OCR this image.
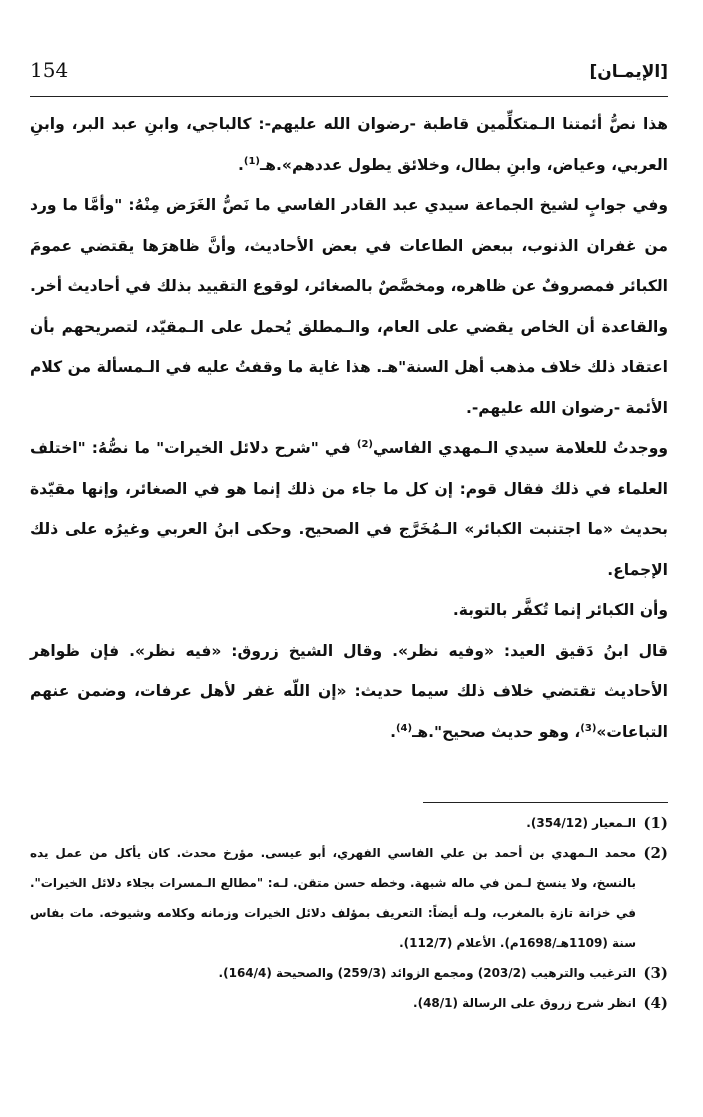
154	[الإيمـان]

هذا نصُّ أئمتنا الـمتكلِّمين قاطبة -رضوان الله عليهم-: كالباجي، وابنِ عبد البر، وابنِ العربي، وعياض، وابنِ بطال، وخلائق يطول عددهم».هـ$^{(1)}$.

وفي جوابٍ لشيخ الجماعة سيدي عبد القادر الفاسي ما نَصُّ الغَرَض مِنْهُ: "وأمَّا ما ورد من غفران الذنوب، ببعض الطاعات في بعض الأحاديث، وأنَّ ظاهرَها يقتضي عمومَ الكبائر فمصروفٌ عن ظاهره، ومخصَّصٌ بالصغائر، لوقوع التقييد بذلك في أحاديث أخر. والقاعدة أن الخاص يقضي على العام، والـمطلق يُحمل على الـمقيّد، لتصريحهم بأن اعتقاد ذلك خلاف مذهب أهل السنة"هـ. هذا غاية ما وقفتُ عليه في الـمسألة من كلام الأئمة -رضوان الله عليهم-.

ووجدتُ للعلامة سيدي الـمهدي الفاسي$^{(2)}$ في "شرح دلائل الخيرات" ما نصُّهُ: "اختلف العلماء في ذلك فقال قوم: إن كل ما جاء من ذلك إنما هو في الصغائر، وإنها مقيّدة بحديث «ما اجتنبت الكبائر» الـمُخَرَّج في الصحيح. وحكى ابنُ العربي وغيرُه على ذلك الإجماع.

وأن الكبائر إنما تُكفَّر بالتوبة.

قال ابنُ دَقيق العيد: «وفيه نظر». وقال الشيخ زروق: «فيه نظر». فإن ظواهر الأحاديث تقتضي خلاف ذلك سيما حديث: «إن اللّه غفر لأهل عرفات، وضمن عنهم التباعات»$^{(3)}$، وهو حديث صحيح".هـ$^{(4)}$.

(1)
الـمعيار (354/12).
(2)
محمد الـمهدي بن أحمد بن علي الفاسي الفهري، أبو عيسى. مؤرخ محدث. كان يأكل من عمل يده بالنسخ، ولا ينسخ لـمن في ماله شبهة. وخطه حسن متقن. لـه: "مطالع الـمسرات بجلاء دلائل الخيرات". في خزانة تازة بالمغرب، ولـه أيضاً: التعريف بمؤلف دلائل الخيرات وزمانه وكلامه وشيوخه. مات بفاس سنة (1109هـ/1698م). الأعلام (112/7).
(3)
الترغيب والترهيب (203/2) ومجمع الزوائد (259/3) والصحيحة (164/4).
(4)
انظر شرح زروق على الرسالة (48/1).
